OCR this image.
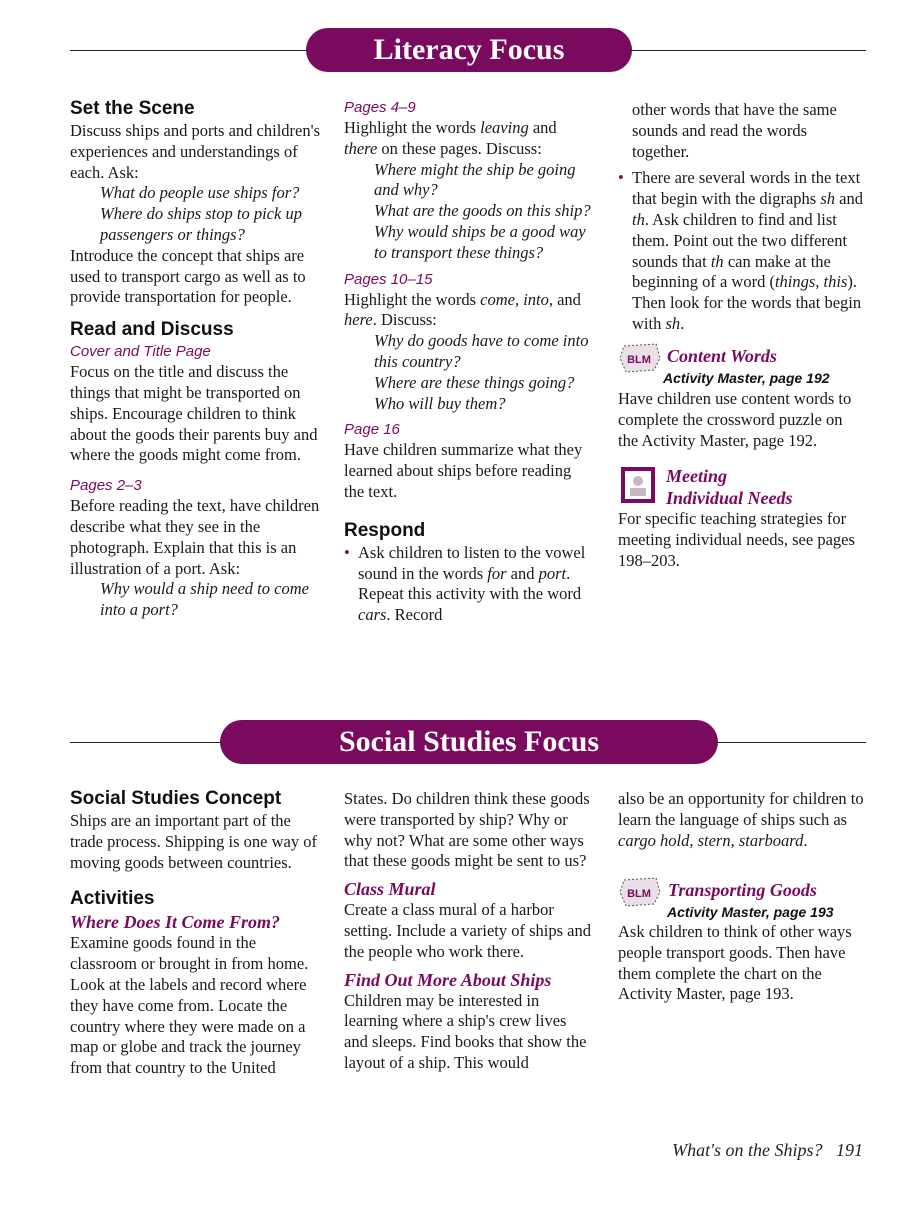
Literacy Focus
Set the Scene

Discuss ships and ports and children's experiences and understandings of each. Ask:

What do people use ships for?

Where do ships stop to pick up passengers or things?

Introduce the concept that ships are used to transport cargo as well as to provide transportation for people.

Read and Discuss
Cover and Title Page

Focus on the title and discuss the things that might be transported on ships. Encourage children to think about the goods their parents buy and where the goods might come from.

Pages 2–3

Before reading the text, have children describe what they see in the photograph. Explain that this is an illustration of a port. Ask:

Why would a ship need to come into a port?

Pages 4–9

Highlight the words leaving and there on these pages. Discuss:

Where might the ship be going and why?

What are the goods on this ship?

Why would ships be a good way to transport these things?

Pages 10–15

Highlight the words come, into, and here. Discuss:

Why do goods have to come into this country?

Where are these things going?

Who will buy them?

Page 16

Have children summarize what they learned about ships before reading the text.

Respond

• Ask children to listen to the vowel sound in the words for and port. Repeat this activity with the word cars. Record

other words that have the same sounds and read the words together.

• There are several words in the text that begin with the digraphs sh and th. Ask children to find and list them. Point out the two different sounds that th can make at the beginning of a word (things, this). Then look for the words that begin with sh.

BLM Content Words
Activity Master, page 192
Have children use content words to complete the crossword puzzle on the Activity Master, page 192.
Meeting
Individual Needs
For specific teaching strategies for meeting individual needs, see pages 198–203.
Social Studies Focus
Social Studies Concept

Ships are an important part of the trade process. Shipping is one way of moving goods between countries.

Activities
Where Does It Come From?

Examine goods found in the classroom or brought in from home. Look at the labels and record where they have come from. Locate the country where they were made on a map or globe and track the journey from that country to the United

States. Do children think these goods were transported by ship? Why or why not? What are some other ways that these goods might be sent to us?

Class Mural

Create a class mural of a harbor setting. Include a variety of ships and the people who work there.

Find Out More About Ships

Children may be interested in learning where a ship's crew lives and sleeps. Find books that show the layout of a ship. This would

also be an opportunity for children to learn the language of ships such as cargo hold, stern, starboard.

BLM Transporting Goods
Activity Master, page 193
Ask children to think of other ways people transport goods. Then have them complete the chart on the Activity Master, page 193.
What's on the Ships? 191
